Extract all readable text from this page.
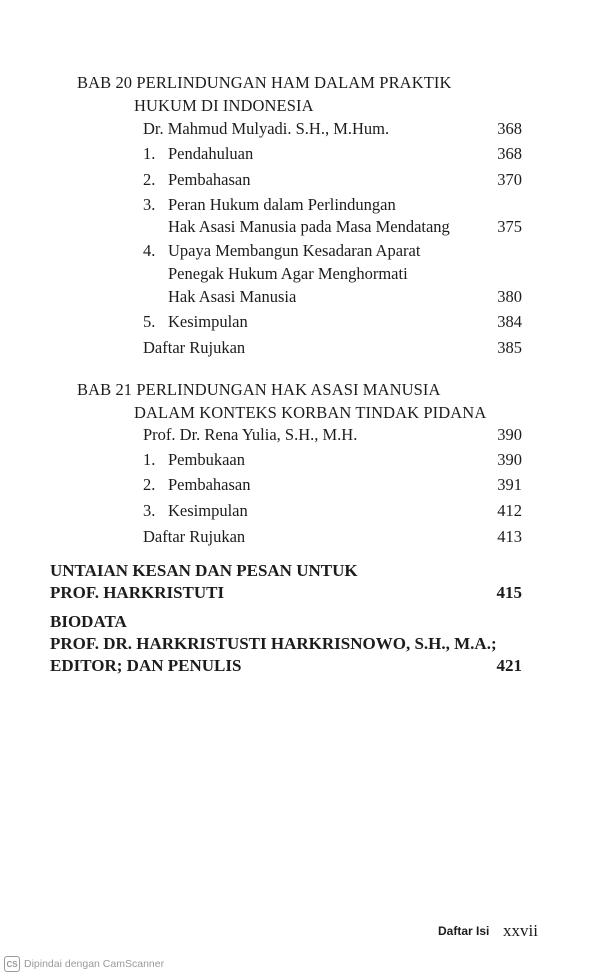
BAB 20 PERLINDUNGAN HAM DALAM PRAKTIK
HUKUM DI INDONESIA
Dr. Mahmud Mulyadi. S.H., M.Hum.	368
1. Pendahuluan	368
2. Pembahasan	370
3. Peran Hukum dalam Perlindungan
Hak Asasi Manusia pada Masa Mendatang	375
4. Upaya Membangun Kesadaran Aparat
Penegak Hukum Agar Menghormati
Hak Asasi Manusia	380
5. Kesimpulan	384
Daftar Rujukan	385
BAB 21 PERLINDUNGAN HAK ASASI MANUSIA
DALAM KONTEKS KORBAN TINDAK PIDANA
Prof. Dr. Rena Yulia, S.H., M.H.	390
1. Pembukaan	390
2. Pembahasan	391
3. Kesimpulan	412
Daftar Rujukan	413
UNTAIAN KESAN DAN PESAN UNTUK
PROF. HARKRISTUTI	415
BIODATA
PROF. DR. HARKRISTUSTI HARKRISNOWO, S.H., M.A.;
EDITOR; DAN PENULIS	421
Daftar Isi xxvii
CS Dipindai dengan CamScanner
